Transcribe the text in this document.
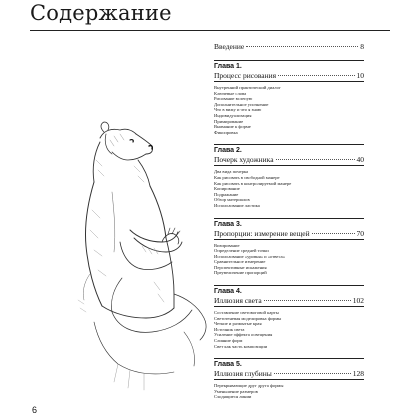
Содержание
Введение	8
Глава 1.
Процесс рисования	10
Внутренний практический диалог
Ключевые слова
Рисование вслепую
Дополнительное упочнение
Что в вижу и что я знаю
Индивидуализация
Примирование
Внимание к форме
Фиксировка
Глава 2.
Почерк художника	40
Два вида почерка
Как рисовать в свободной манере
Как рисовать в контролируемой манере
Копирование
Подражание
Обзор материалов
Использование ластика
Глава 3.
Пропорции: измерение вещей	70
Визирование
Определение средней точки
Использование «уровня» и «отвеса»
Сравнительное измерение
Перспективные искажения
Преувеличение пропорций
Глава 4.
Иллюзия света	102
Составление световоговой карты
Светотеневая моделировка формы
Четкие и размытые края
Источник света
Усиление эффекта освещения
Слияние форм
Свет как часть композиции
Глава 5.
Иллюзия глубины	128
Перекрывающие друг друга формы
Уменьшение размеров
Сходящиеся линии
6
